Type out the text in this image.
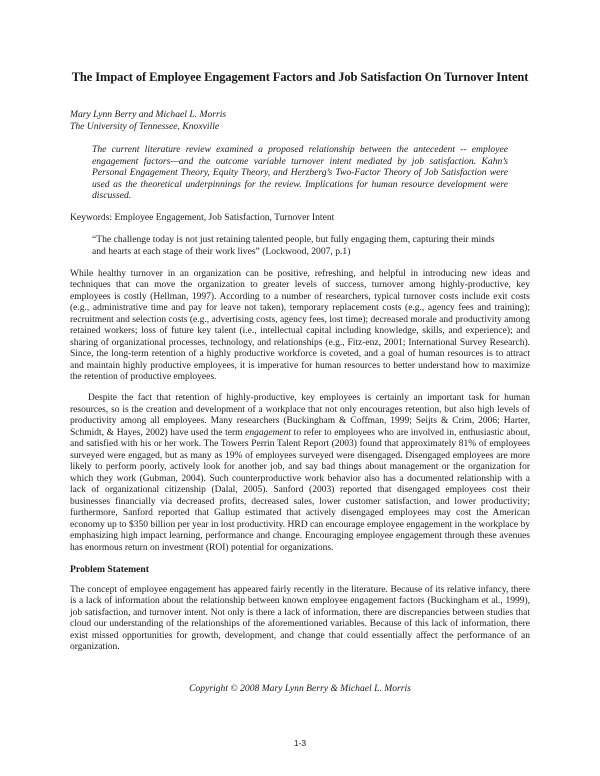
The Impact of Employee Engagement Factors and Job Satisfaction On Turnover Intent
Mary Lynn Berry and Michael L. Morris
The University of Tennessee, Knoxville

The current literature review examined a proposed relationship between the antecedent -- employee engagement factors—and the outcome variable turnover intent mediated by job satisfaction. Kahn’s Personal Engagement Theory, Equity Theory, and Herzberg’s Two-Factor Theory of Job Satisfaction were used as the theoretical underpinnings for the review. Implications for human resource development were discussed.

Keywords: Employee Engagement, Job Satisfaction, Turnover Intent
“The challenge today is not just retaining talented people, but fully engaging them, capturing their minds and hearts at each stage of their work lives” (Lockwood, 2007, p.1)

While healthy turnover in an organization can be positive, refreshing, and helpful in introducing new ideas and techniques that can move the organization to greater levels of success, turnover among highly-productive, key employees is costly (Hellman, 1997). According to a number of researchers, typical turnover costs include exit costs (e.g., administrative time and pay for leave not taken), temporary replacement costs (e.g., agency fees and training); recruitment and selection costs (e.g., advertising costs, agency fees, lost time); decreased morale and productivity among retained workers; loss of future key talent (i.e., intellectual capital including knowledge, skills, and experience); and sharing of organizational processes, technology, and relationships (e.g., Fitz-enz, 2001; International Survey Research). Since, the long-term retention of a highly productive workforce is coveted, and a goal of human resources is to attract and maintain highly productive employees, it is imperative for human resources to better understand how to maximize the retention of productive employees.

Despite the fact that retention of highly-productive, key employees is certainly an important task for human resources, so is the creation and development of a workplace that not only encourages retention, but also high levels of productivity among all employees. Many researchers (Buckingham & Coffman, 1999; Seijts & Crim, 2006; Harter, Schmidt, & Hayes, 2002) have used the term engagement to refer to employees who are involved in, enthusiastic about, and satisfied with his or her work. The Towers Perrin Talent Report (2003) found that approximately 81% of employees surveyed were engaged, but as many as 19% of employees surveyed were disengaged. Disengaged employees are more likely to perform poorly, actively look for another job, and say bad things about management or the organization for which they work (Gubman, 2004). Such counterproductive work behavior also has a documented relationship with a lack of organizational citizenship (Dalal, 2005). Sanford (2003) reported that disengaged employees cost their businesses financially via decreased profits, decreased sales, lower customer satisfaction, and lower productivity; furthermore, Sanford reported that Gallup estimated that actively disengaged employees may cost the American economy up to $350 billion per year in lost productivity. HRD can encourage employee engagement in the workplace by emphasizing high impact learning, performance and change. Encouraging employee engagement through these avenues has enormous return on investment (ROI) potential for organizations.

Problem Statement

The concept of employee engagement has appeared fairly recently in the literature. Because of its relative infancy, there is a lack of information about the relationship between known employee engagement factors (Buckingham et al., 1999), job satisfaction, and turnover intent. Not only is there a lack of information, there are discrepancies between studies that cloud our understanding of the relationships of the aforementioned variables. Because of this lack of information, there exist missed opportunities for growth, development, and change that could essentially affect the performance of an organization.

Copyright © 2008 Mary Lynn Berry & Michael L. Morris
1-3
